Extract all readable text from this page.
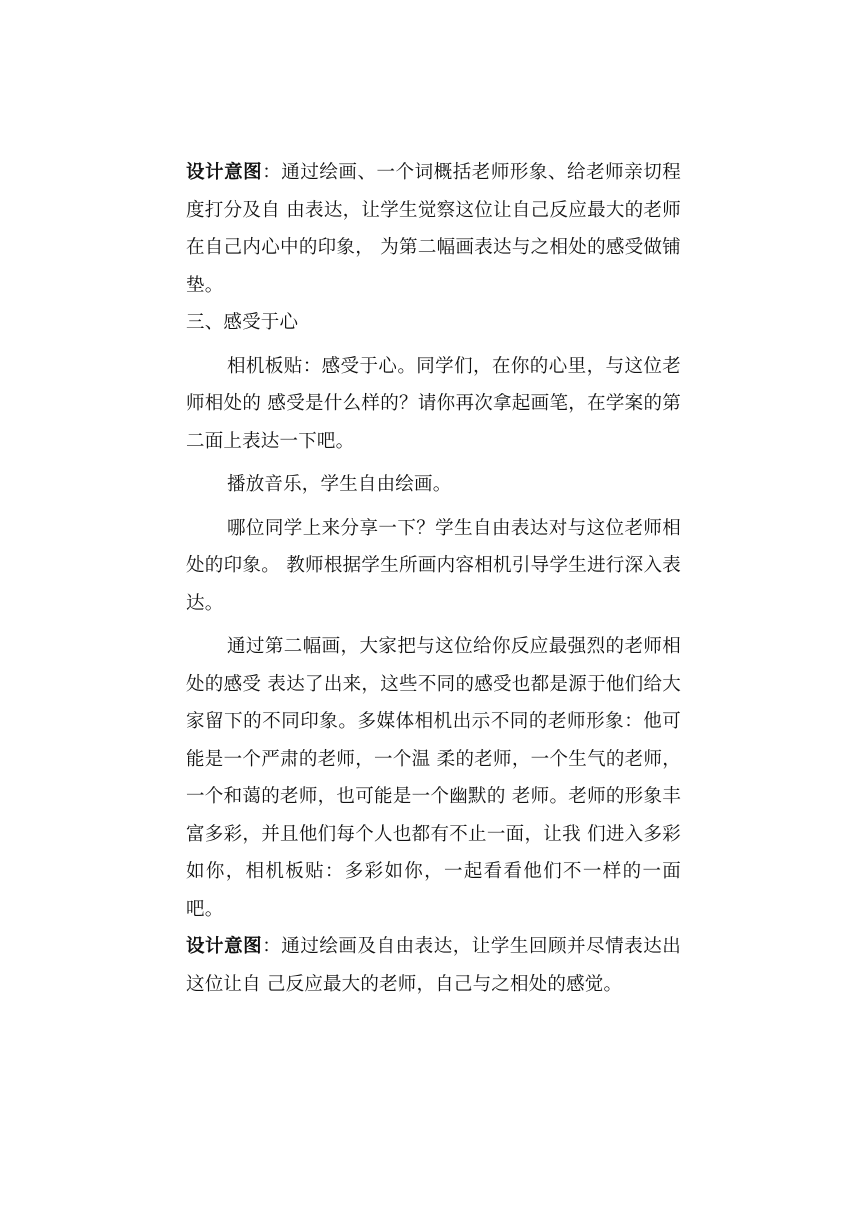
设计意图：通过绘画、一个词概括老师形象、给老师亲切程度打分及自 由表达，让学生觉察这位让自己反应最大的老师在自己内心中的印象， 为第二幅画表达与之相处的感受做铺垫。

三、感受于心

相机板贴：感受于心。同学们，在你的心里，与这位老师相处的 感受是什么样的？请你再次拿起画笔，在学案的第二面上表达一下吧。

播放音乐，学生自由绘画。

哪位同学上来分享一下？学生自由表达对与这位老师相处的印象。 教师根据学生所画内容相机引导学生进行深入表达。

通过第二幅画，大家把与这位给你反应最强烈的老师相处的感受 表达了出来，这些不同的感受也都是源于他们给大家留下的不同印象。多媒体相机出示不同的老师形象：他可能是一个严肃的老师，一个温 柔的老师，一个生气的老师，一个和蔼的老师，也可能是一个幽默的 老师。老师的形象丰富多彩，并且他们每个人也都有不止一面，让我 们进入多彩如你，相机板贴：多彩如你，一起看看他们不一样的一面 吧。

设计意图：通过绘画及自由表达，让学生回顾并尽情表达出这位让自 己反应最大的老师，自己与之相处的感觉。
